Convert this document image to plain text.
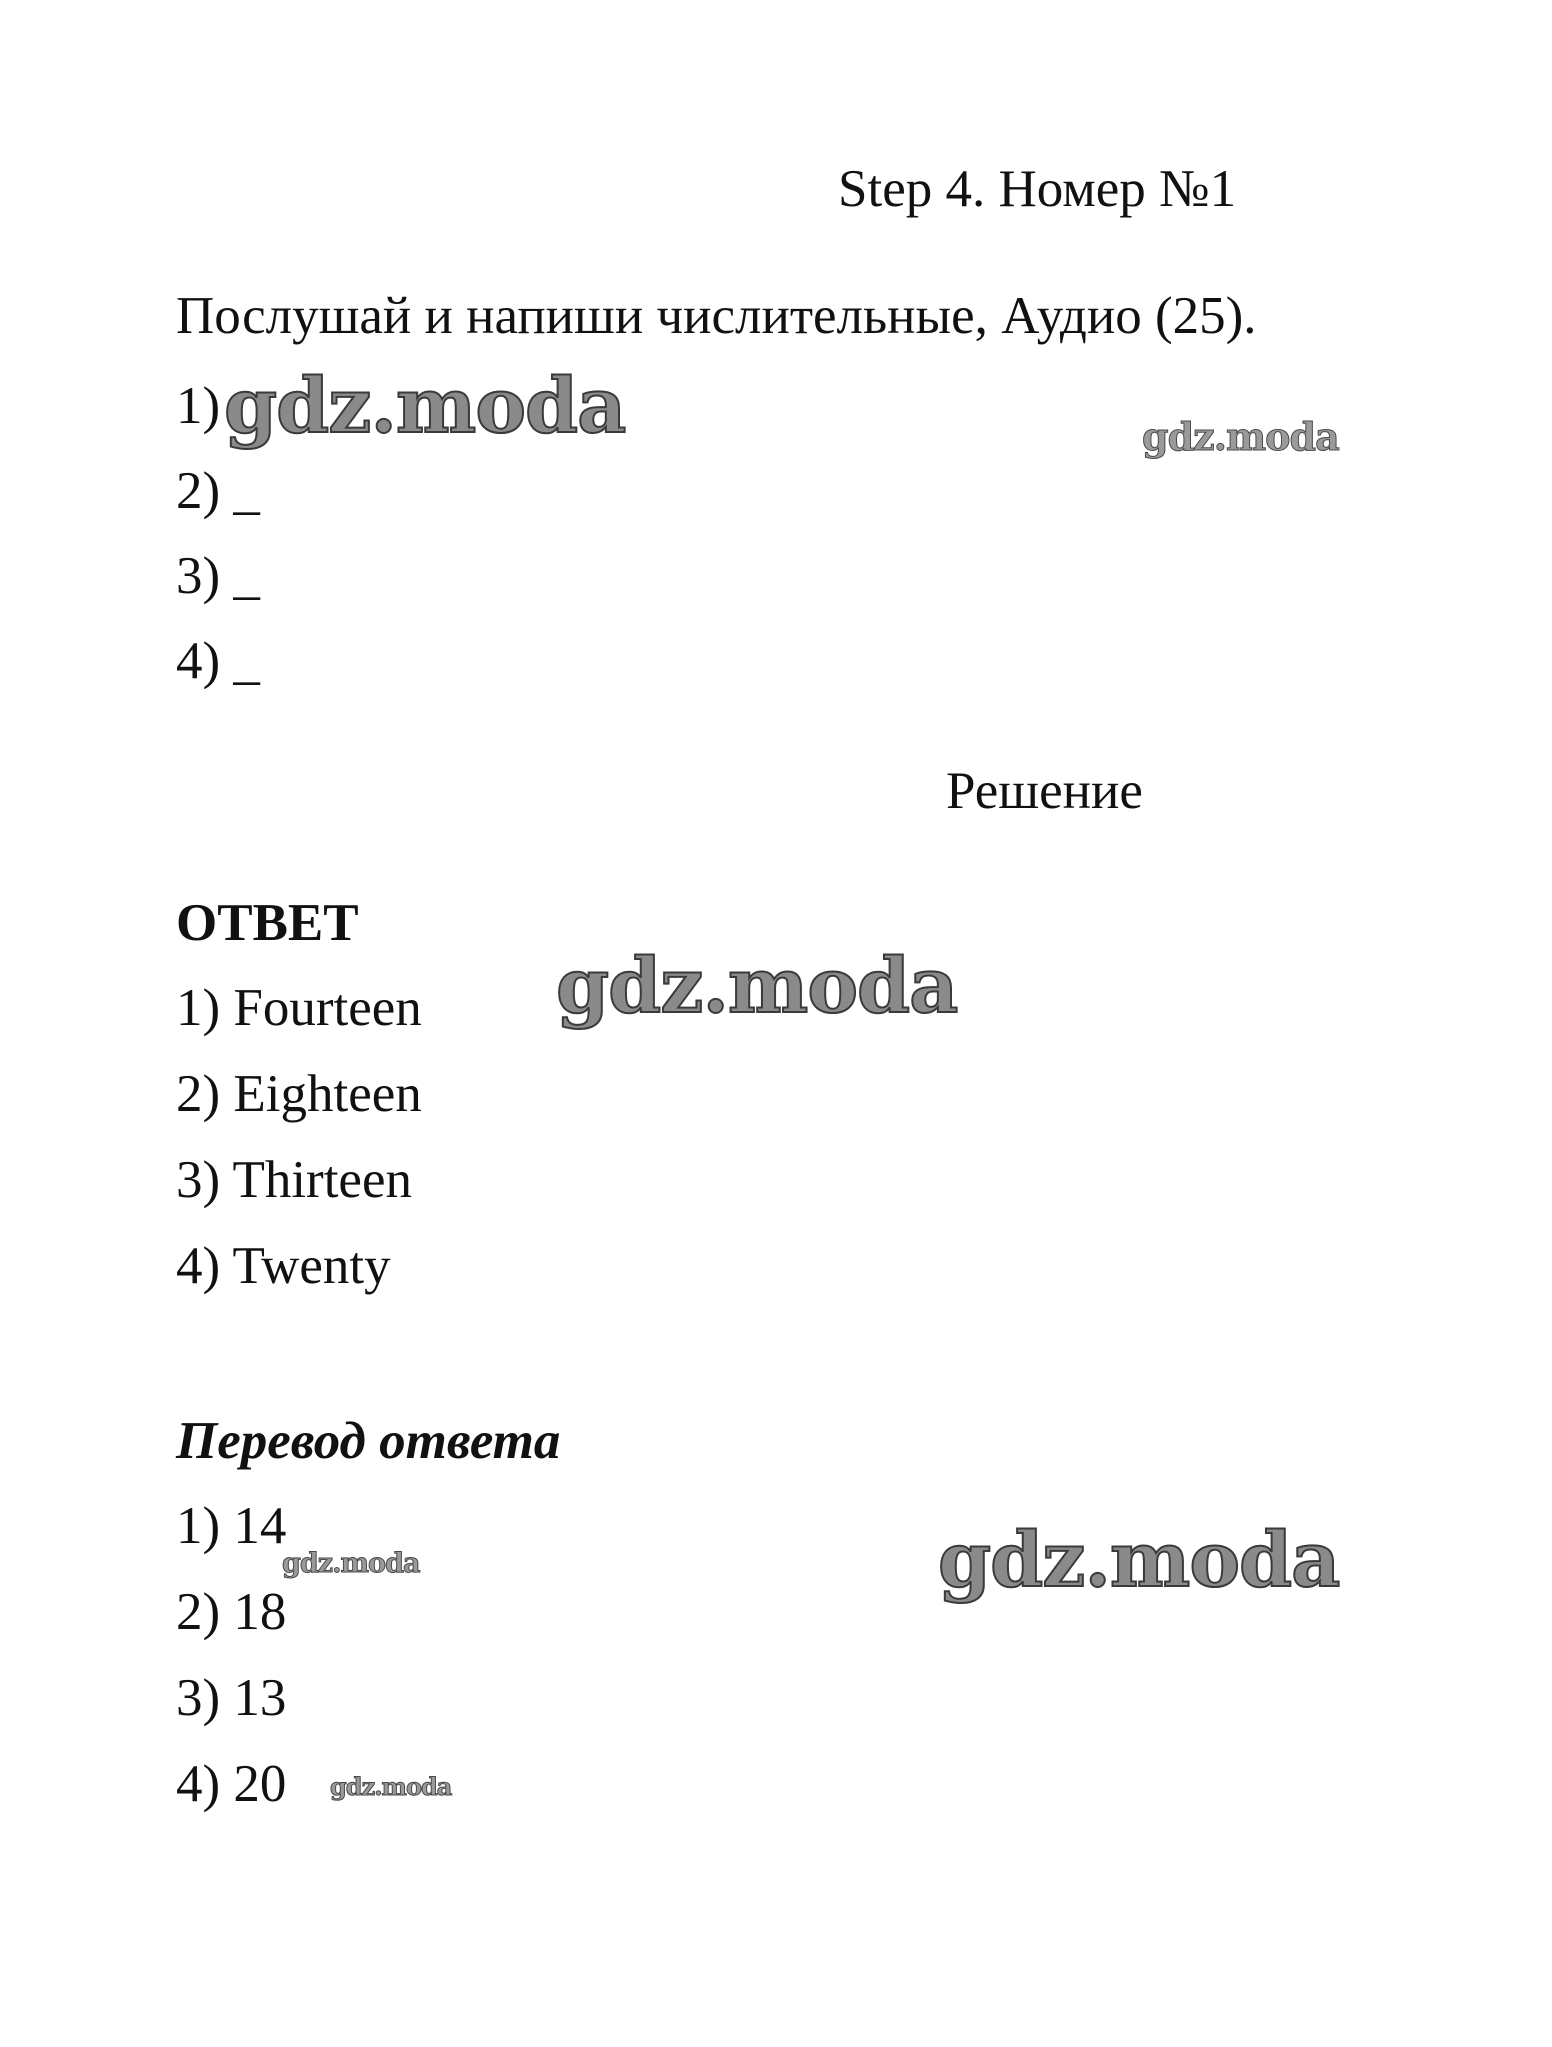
Step 4. Номер №1
Послушай и напиши числительные, Аудио (25).
1)
2) _
3) _
4) _
Решение
ОТВЕТ
1) Fourteen
2) Eighteen
3) Thirteen
4) Twenty
Перевод ответа
1) 14
2) 18
3) 13
4) 20
gdz.moda	gdz.moda
gdz.moda
gdz.moda	gdz.moda
gdz.moda
